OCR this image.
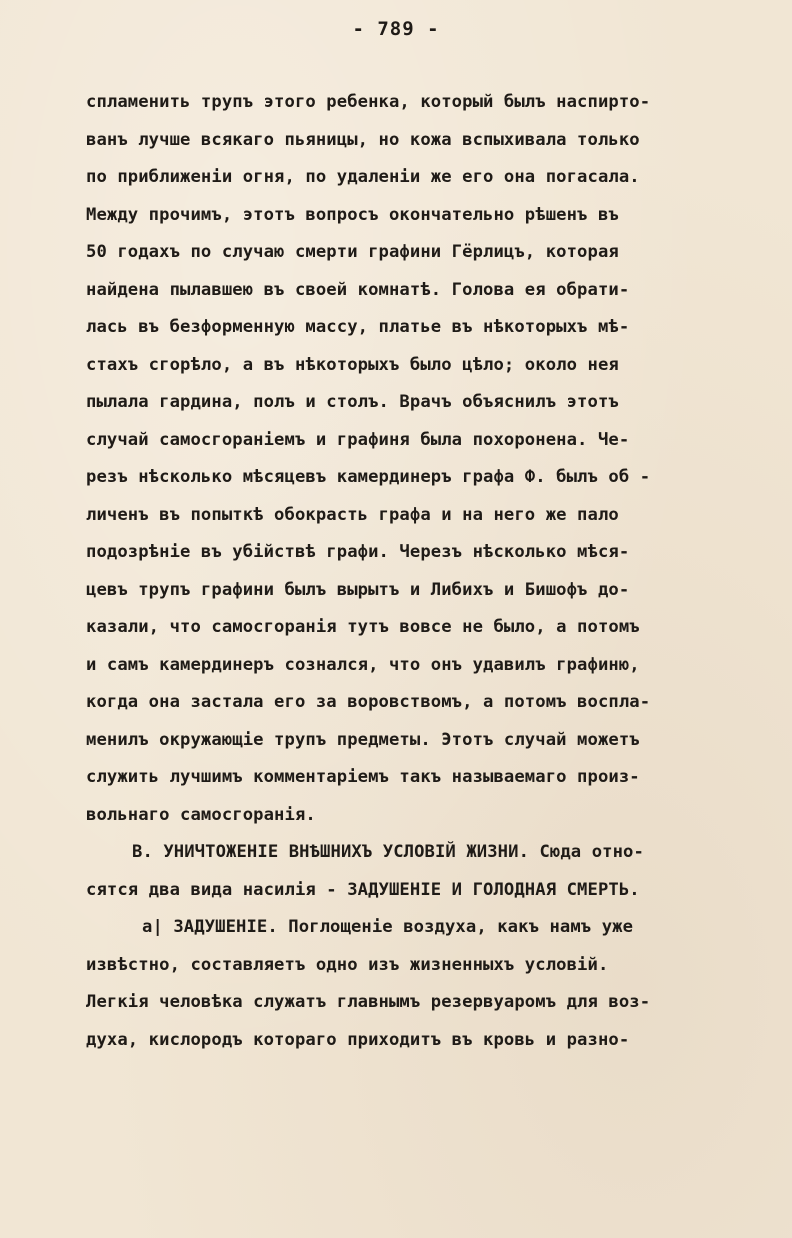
- 789 -
спламенить трупъ этого ребенка, который былъ наспирто-
ванъ лучше всякаго пьяницы, но кожа вспыхивала только
по приближенiи огня, по удаленiи же его она погасала.
Между прочимъ, этотъ вопросъ окончательно рѣшенъ въ
50 годахъ по случаю смерти графини Гёрлицъ, которая
найдена пылавшею въ своей комнатѣ. Голова ея обрати-
лась въ безформенную массу, платье въ нѣкоторыхъ мѣ-
стахъ сгорѣло, а въ нѣкоторыхъ было цѣло; около нея
пылала гардина, полъ и столъ. Врачъ объяснилъ этотъ
случай самосгоранiемъ и графиня была похоронена. Че-
резъ нѣсколько мѣсяцевъ камердинеръ графа Ф. былъ об -
личенъ въ попыткѣ обокрасть графа и на него же пало
подозрѣнiе въ убiйствѣ графи. Черезъ нѣсколько мѣся-
цевъ трупъ графини былъ вырытъ и Либихъ и Бишофъ до-
казали, что самосгоранiя тутъ вовсе не было, а потомъ
и самъ камердинеръ сознался, что онъ удавилъ графиню,
когда она застала его за воровствомъ, а потомъ воспла-
менилъ окружающiе трупъ предметы. Этотъ случай можетъ
служить лучшимъ комментарiемъ такъ называемаго произ-
вольнаго самосгоранiя.
В. УНИЧТОЖЕНIЕ ВНѢШНИХЪ УСЛОВIЙ ЖИЗНИ. Сюда отно-
сятся два вида насилiя - ЗАДУШЕНIЕ И ГОЛОДНАЯ СМЕРТЬ.
а| ЗАДУШЕНIЕ. Поглощенiе воздуха, какъ намъ уже
извѣстно, составляетъ одно изъ жизненныхъ условiй.
Легкiя человѣка служатъ главнымъ резервуаромъ для воз-
духа, кислородъ котораго приходитъ въ кровь и разно-
